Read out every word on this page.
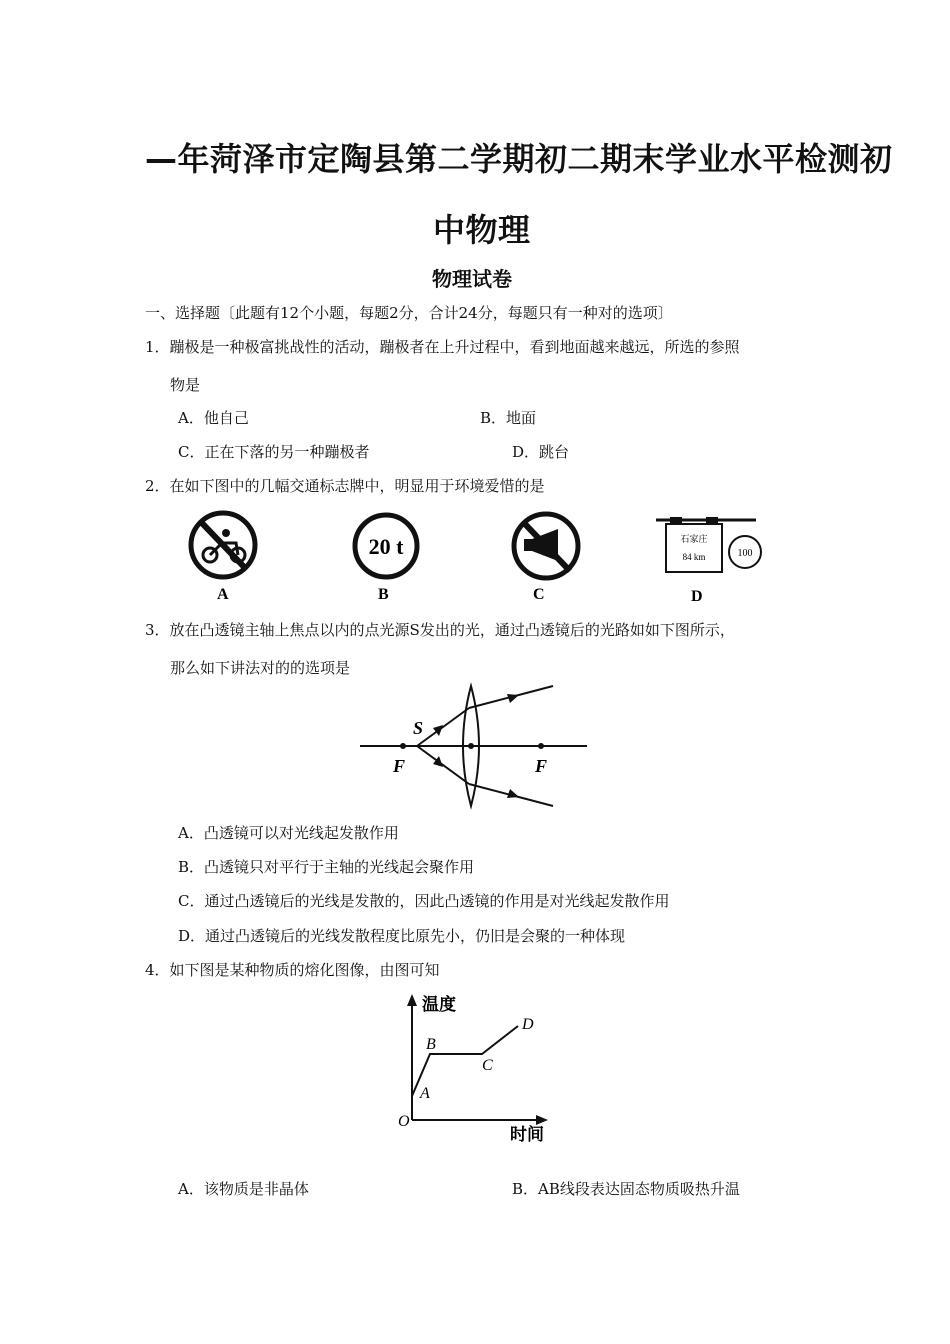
—年菏泽市定陶县第二学期初二期末学业水平检测初
中物理
物理试卷
一、选择题〔此题有12个小题，每题2分，合计24分，每题只有一种对的选项〕
1．蹦极是一种极富挑战性的活动，蹦极者在上升过程中，看到地面越来越远，所选的参照
物是
A．他自己	B．地面
C．正在下落的另一种蹦极者	D．跳台
2．在如下图中的几幅交通标志牌中，明显用于环境爱惜的是
A
20 t
B	C
石家庄
84 km	100
D
3．放在凸透镜主轴上焦点以内的点光源S发出的光，通过凸透镜后的光路如如下图所示，
那么如下讲法对的的选项是
S
F	F
A．凸透镜可以对光线起发散作用
B．凸透镜只对平行于主轴的光线起会聚作用
C．通过凸透镜后的光线是发散的，因此凸透镜的作用是对光线起发散作用
D．通过凸透镜后的光线发散程度比原先小，仍旧是会聚的一种体现
4．如下图是某种物质的熔化图像，由图可知
温度
时间
O
A
B
C
D
A．该物质是非晶体	B．AB线段表达固态物质吸热升温
